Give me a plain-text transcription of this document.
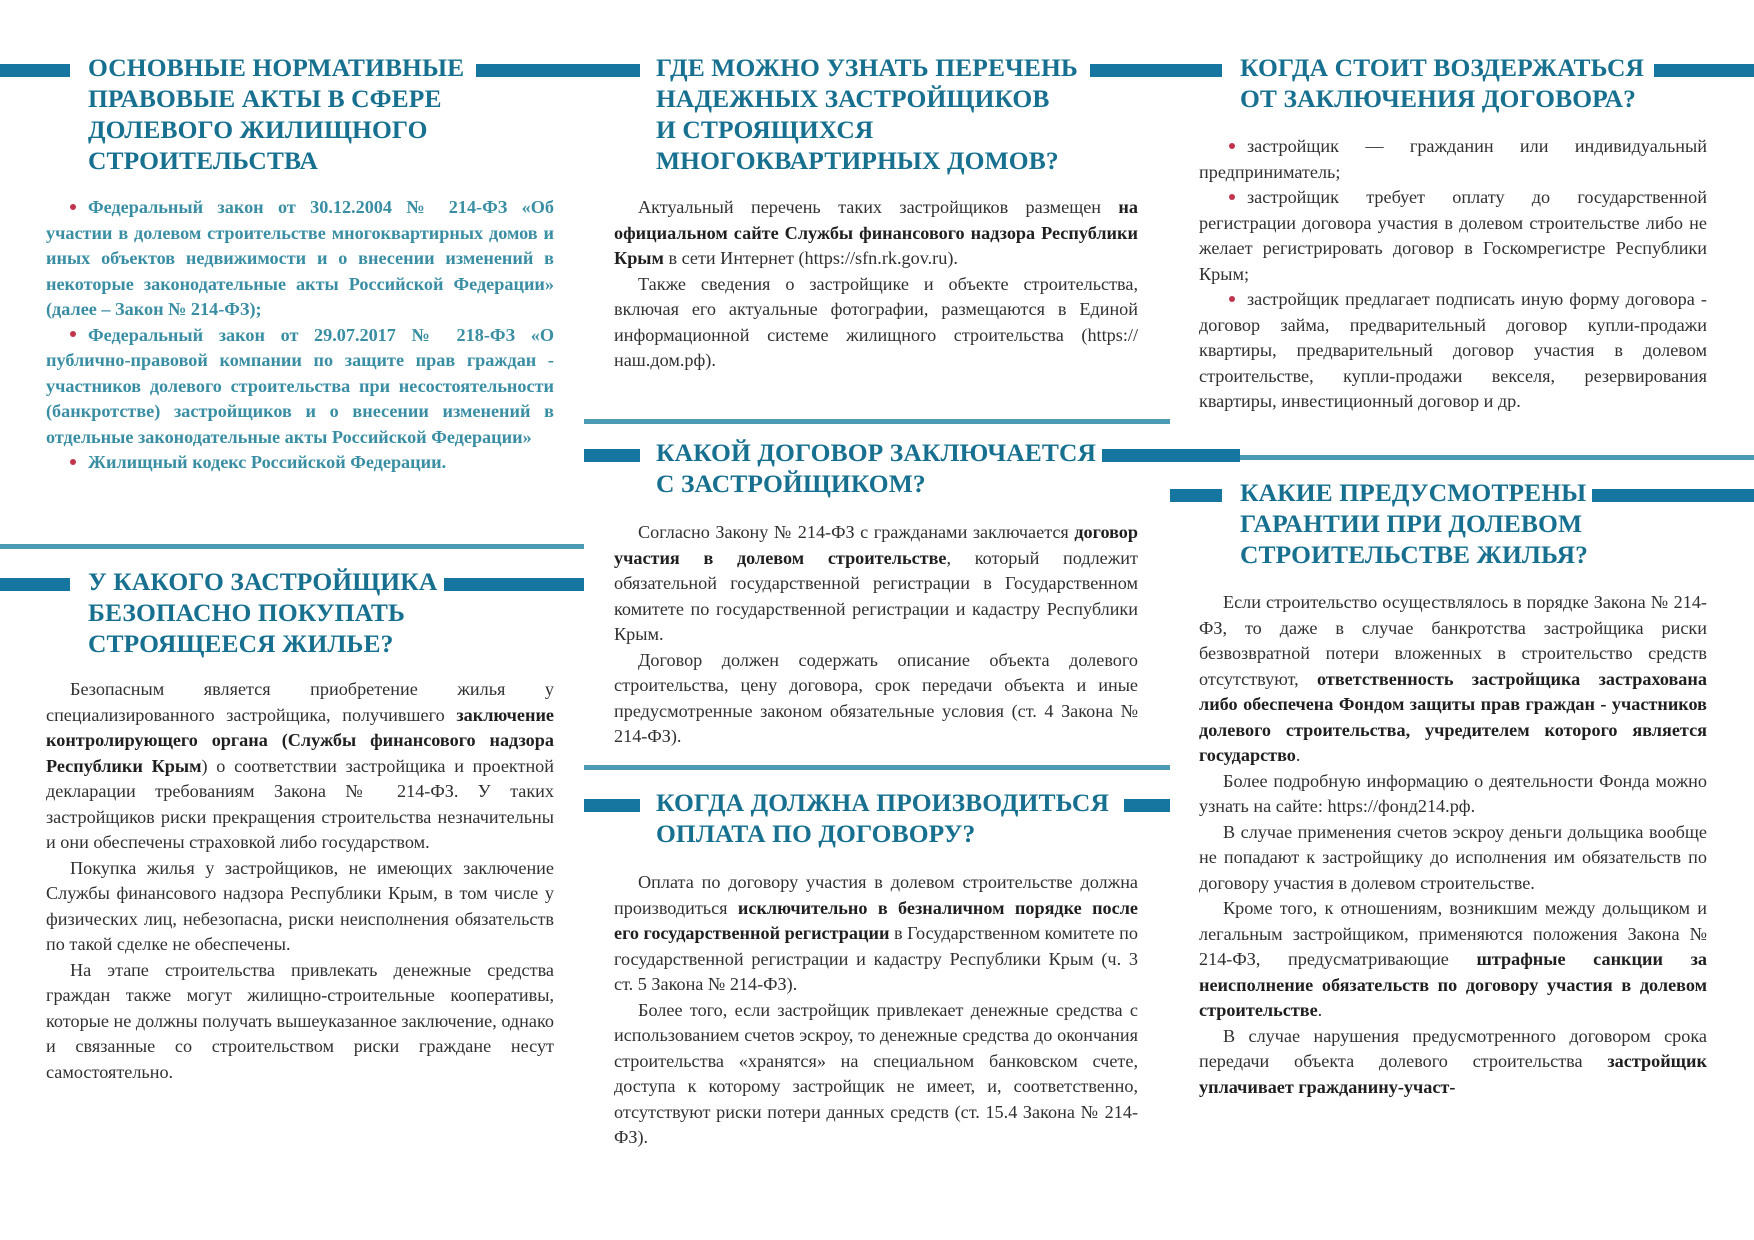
ОСНОВНЫЕ НОРМАТИВНЫЕ
ПРАВОВЫЕ АКТЫ В СФЕРЕ
ДОЛЕВОГО ЖИЛИЩНОГО
СТРОИТЕЛЬСТВА

Федеральный закон от 30.12.2004 № 214-ФЗ «Об участии в долевом строительстве многоквартирных домов и иных объектов недвижимости и о внесении изменений в некоторые законодательные акты Российской Федерации» (далее – Закон № 214-ФЗ);

Федеральный закон от 29.07.2017 № 218-ФЗ «О публично-правовой компании по защите прав граждан - участников долевого строительства при несостоятельности (банкротстве) застройщиков и о внесении изменений в отдельные законодательные акты Российской Федерации»

Жилищный кодекс Российской Федерации.

У КАКОГО ЗАСТРОЙЩИКА
БЕЗОПАСНО ПОКУПАТЬ
СТРОЯЩЕЕСЯ ЖИЛЬЕ?

Безопасным является приобретение жилья у специализированного застройщика, получившего заключение контролирующего органа (Службы финансового надзора Республики Крым) о соответствии застройщика и проектной декларации требованиям Закона № 214-ФЗ. У таких застройщиков риски прекращения строительства незначительны и они обеспечены страховкой либо государством.

Покупка жилья у застройщиков, не имеющих заключение Службы финансового надзора Республики Крым, в том числе у физических лиц, небезопасна, риски неисполнения обязательств по такой сделке не обеспечены.

На этапе строительства привлекать денежные средства граждан также могут жилищно-строительные кооперативы, которые не должны получать вышеуказанное заключение, однако и связанные со строительством риски граждане несут самостоятельно.

ГДЕ МОЖНО УЗНАТЬ ПЕРЕЧЕНЬ
НАДЕЖНЫХ ЗАСТРОЙЩИКОВ
И СТРОЯЩИХСЯ
МНОГОКВАРТИРНЫХ ДОМОВ?

Актуальный перечень таких застройщиков размещен на официальном сайте Службы финансового надзора Республики Крым в сети Интернет (https://sfn.rk.gov.ru).

Также сведения о застройщике и объекте строительства, включая его актуальные фотографии, размещаются в Единой информационной системе жилищного строительства (https://наш.дом.рф).

КАКОЙ ДОГОВОР ЗАКЛЮЧАЕТСЯ
С ЗАСТРОЙЩИКОМ?

Согласно Закону № 214-ФЗ с гражданами заключается договор участия в долевом строительстве, который подлежит обязательной государственной регистрации в Государственном комитете по государственной регистрации и кадастру Республики Крым.

Договор должен содержать описание объекта долевого строительства, цену договора, срок передачи объекта и иные предусмотренные законом обязательные условия (ст. 4 Закона № 214-ФЗ).

КОГДА ДОЛЖНА ПРОИЗВОДИТЬСЯ
ОПЛАТА ПО ДОГОВОРУ?

Оплата по договору участия в долевом строительстве должна производиться исключительно в безналичном порядке после его государственной регистрации в Государственном комитете по государственной регистрации и кадастру Республики Крым (ч. 3 ст. 5 Закона № 214-ФЗ).

Более того, если застройщик привлекает денежные средства с использованием счетов эскроу, то денежные средства до окончания строительства «хранятся» на специальном банковском счете, доступа к которому застройщик не имеет, и, соответственно, отсутствуют риски потери данных средств (ст. 15.4 Закона № 214-ФЗ).

КОГДА СТОИТ ВОЗДЕРЖАТЬСЯ
ОТ ЗАКЛЮЧЕНИЯ ДОГОВОРА?

застройщик — гражданин или индивидуальный предприниматель;

застройщик требует оплату до государственной регистрации договора участия в долевом строительстве либо не желает регистрировать договор в Госкомрегистре Республики Крым;

застройщик предлагает подписать иную форму договора - договор займа, предварительный договор купли-продажи квартиры, предварительный договор участия в долевом строительстве, купли-продажи векселя, резервирования квартиры, инвестиционный договор и др.

КАКИЕ ПРЕДУСМОТРЕНЫ
ГАРАНТИИ ПРИ ДОЛЕВОМ
СТРОИТЕЛЬСТВЕ ЖИЛЬЯ?

Если строительство осуществлялось в порядке Закона № 214-ФЗ, то даже в случае банкротства застройщика риски безвозвратной потери вложенных в строительство средств отсутствуют, ответственность застройщика застрахована либо обеспечена Фондом защиты прав граждан - участников долевого строительства, учредителем которого является государство.

Более подробную информацию о деятельности Фонда можно узнать на сайте: https://фонд214.рф.

В случае применения счетов эскроу деньги дольщика вообще не попадают к застройщику до исполнения им обязательств по договору участия в долевом строительстве.

Кроме того, к отношениям, возникшим между дольщиком и легальным застройщиком, применяются положения Закона № 214-ФЗ, предусматривающие штрафные санкции за неисполнение обязательств по договору участия в долевом строительстве.

В случае нарушения предусмотренного договором срока передачи объекта долевого строительства застройщик уплачивает гражданину-участ-
